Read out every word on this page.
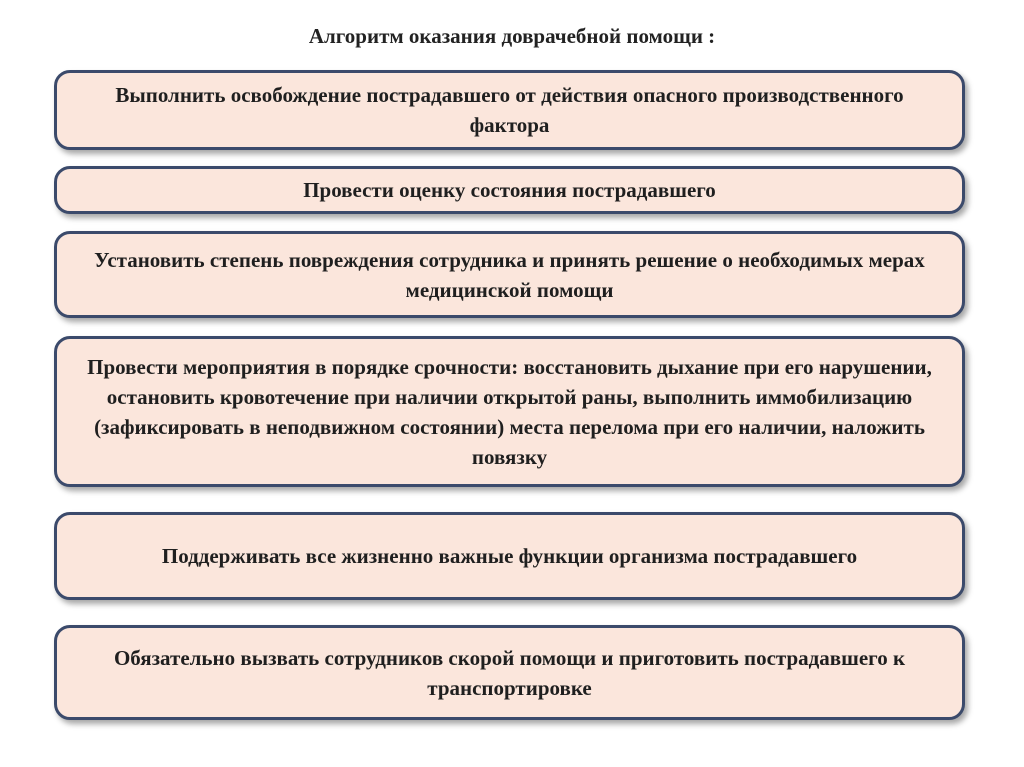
Алгоритм оказания доврачебной помощи :
Выполнить освобождение пострадавшего от действия опасного производственного фактора
Провести оценку состояния пострадавшего
Установить степень повреждения сотрудника и принять решение о необходимых мерах медицинской помощи
Провести мероприятия в порядке срочности: восстановить дыхание при его нарушении, остановить кровотечение при наличии открытой раны, выполнить иммобилизацию (зафиксировать в неподвижном состоянии) места перелома при его наличии, наложить повязку
Поддерживать все жизненно важные функции организма пострадавшего
Обязательно вызвать сотрудников скорой помощи и приготовить пострадавшего к транспортировке
